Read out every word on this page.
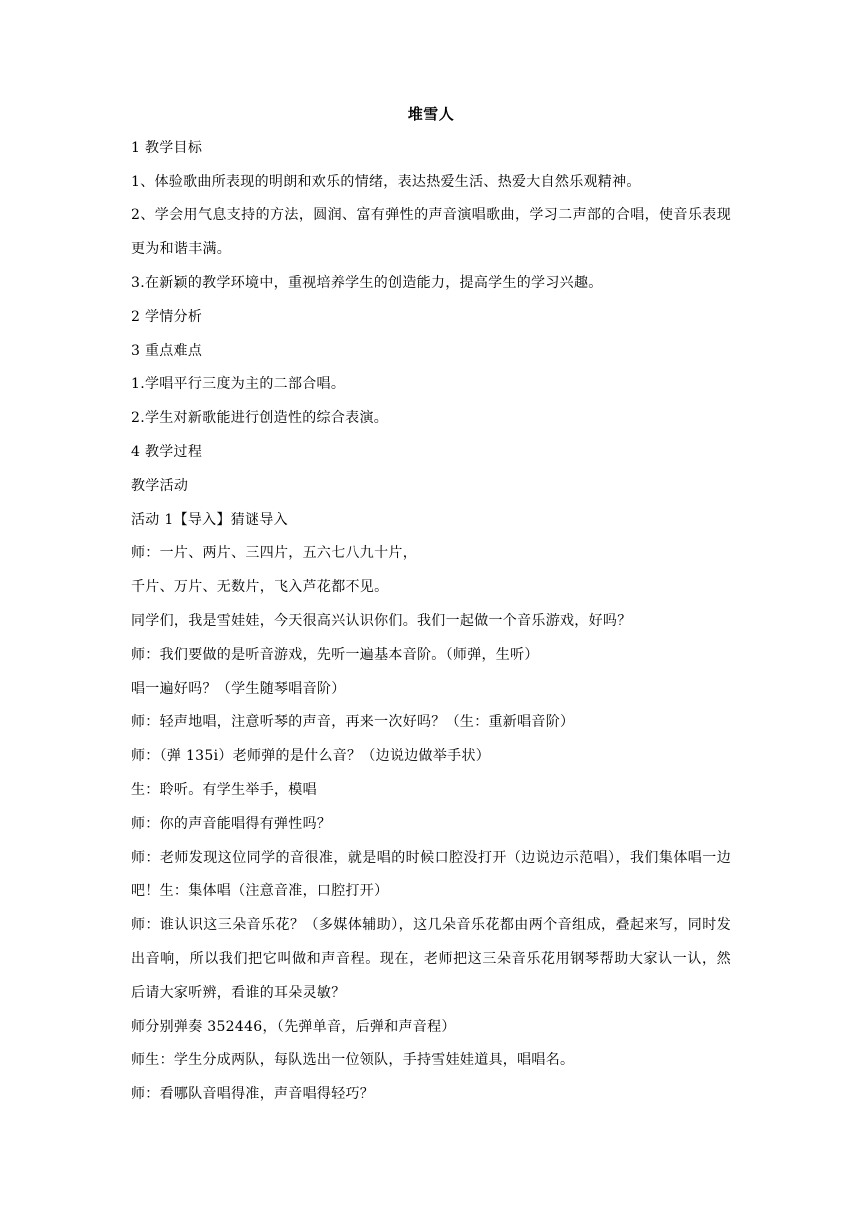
堆雪人

1 教学目标

1、体验歌曲所表现的明朗和欢乐的情绪，表达热爱生活、热爱大自然乐观精神。

2、学会用气息支持的方法，圆润、富有弹性的声音演唱歌曲，学习二声部的合唱，使音乐表现更为和谐丰满。

3.在新颖的教学环境中，重视培养学生的创造能力，提高学生的学习兴趣。

2 学情分析

3 重点难点

1.学唱平行三度为主的二部合唱。

2.学生对新歌能进行创造性的综合表演。

4 教学过程

教学活动

活动 1【导入】猜谜导入

师：一片、两片、三四片，五六七八九十片，

千片、万片、无数片，飞入芦花都不见。

同学们，我是雪娃娃，今天很高兴认识你们。我们一起做一个音乐游戏，好吗？

师：我们要做的是听音游戏，先听一遍基本音阶。（师弹，生听）

唱一遍好吗？（学生随琴唱音阶）

师：轻声地唱，注意听琴的声音，再来一次好吗？（生：重新唱音阶）

师：（弹 135i）老师弹的是什么音？（边说边做举手状）

生：聆听。有学生举手，模唱

师：你的声音能唱得有弹性吗？

师：老师发现这位同学的音很准，就是唱的时候口腔没打开（边说边示范唱），我们集体唱一边吧！生：集体唱（注意音准，口腔打开）

师：谁认识这三朵音乐花？（多媒体辅助），这几朵音乐花都由两个音组成，叠起来写，同时发出音响，所以我们把它叫做和声音程。现在，老师把这三朵音乐花用钢琴帮助大家认一认，然后请大家听辨，看谁的耳朵灵敏？

师分别弹奏 352446，（先弹单音，后弹和声音程）

师生：学生分成两队，每队选出一位领队，手持雪娃娃道具，唱唱名。

师：看哪队音唱得准，声音唱得轻巧？
